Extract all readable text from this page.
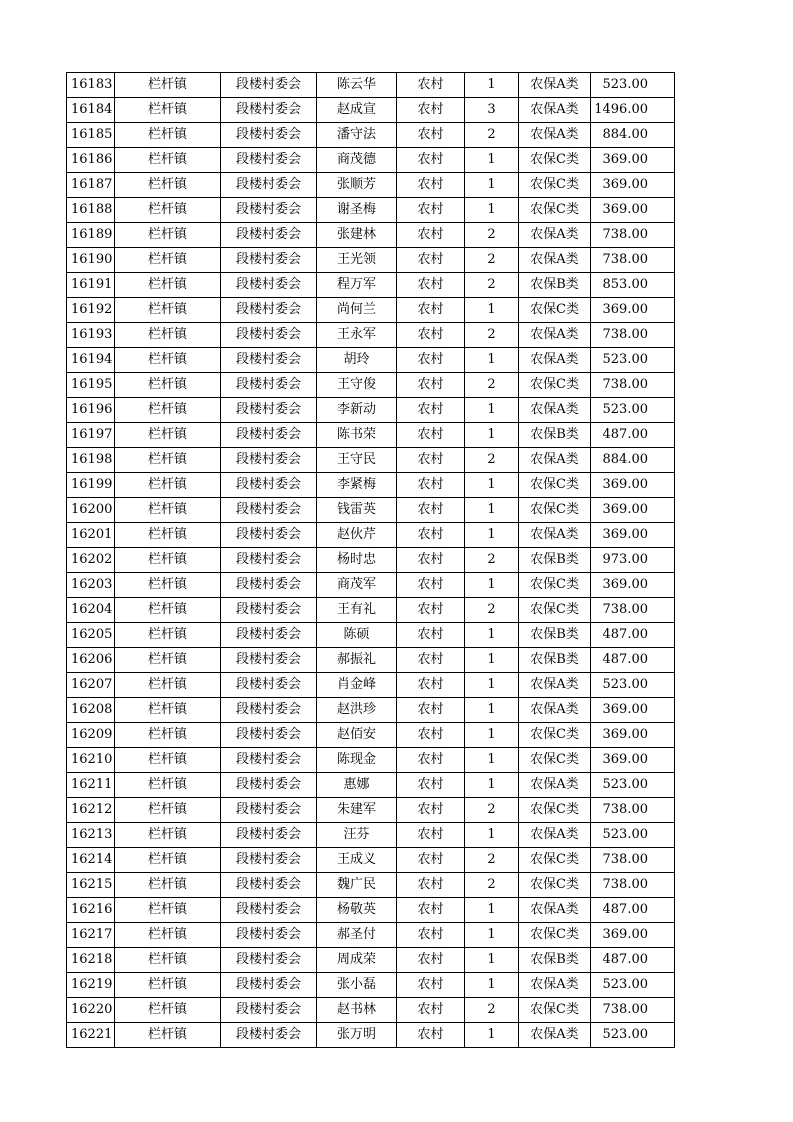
16183	栏杆镇	段楼村委会	陈云华	农村	1	农保A类	523.00
16184	栏杆镇	段楼村委会	赵成宣	农村	3	农保A类	1496.00
16185	栏杆镇	段楼村委会	潘守法	农村	2	农保A类	884.00
16186	栏杆镇	段楼村委会	商茂德	农村	1	农保C类	369.00
16187	栏杆镇	段楼村委会	张顺芳	农村	1	农保C类	369.00
16188	栏杆镇	段楼村委会	谢圣梅	农村	1	农保C类	369.00
16189	栏杆镇	段楼村委会	张建林	农村	2	农保A类	738.00
16190	栏杆镇	段楼村委会	王光领	农村	2	农保A类	738.00
16191	栏杆镇	段楼村委会	程万军	农村	2	农保B类	853.00
16192	栏杆镇	段楼村委会	尚何兰	农村	1	农保C类	369.00
16193	栏杆镇	段楼村委会	王永军	农村	2	农保A类	738.00
16194	栏杆镇	段楼村委会	胡玲	农村	1	农保A类	523.00
16195	栏杆镇	段楼村委会	王守俊	农村	2	农保C类	738.00
16196	栏杆镇	段楼村委会	李新动	农村	1	农保A类	523.00
16197	栏杆镇	段楼村委会	陈书荣	农村	1	农保B类	487.00
16198	栏杆镇	段楼村委会	王守民	农村	2	农保A类	884.00
16199	栏杆镇	段楼村委会	李紧梅	农村	1	农保C类	369.00
16200	栏杆镇	段楼村委会	钱雷英	农村	1	农保C类	369.00
16201	栏杆镇	段楼村委会	赵伙芹	农村	1	农保A类	369.00
16202	栏杆镇	段楼村委会	杨时忠	农村	2	农保B类	973.00
16203	栏杆镇	段楼村委会	商茂军	农村	1	农保C类	369.00
16204	栏杆镇	段楼村委会	王有礼	农村	2	农保C类	738.00
16205	栏杆镇	段楼村委会	陈硕	农村	1	农保B类	487.00
16206	栏杆镇	段楼村委会	郝振礼	农村	1	农保B类	487.00
16207	栏杆镇	段楼村委会	肖金峰	农村	1	农保A类	523.00
16208	栏杆镇	段楼村委会	赵洪珍	农村	1	农保A类	369.00
16209	栏杆镇	段楼村委会	赵佰安	农村	1	农保C类	369.00
16210	栏杆镇	段楼村委会	陈现金	农村	1	农保C类	369.00
16211	栏杆镇	段楼村委会	惠娜	农村	1	农保A类	523.00
16212	栏杆镇	段楼村委会	朱建军	农村	2	农保C类	738.00
16213	栏杆镇	段楼村委会	汪芬	农村	1	农保A类	523.00
16214	栏杆镇	段楼村委会	王成义	农村	2	农保C类	738.00
16215	栏杆镇	段楼村委会	魏广民	农村	2	农保C类	738.00
16216	栏杆镇	段楼村委会	杨敬英	农村	1	农保A类	487.00
16217	栏杆镇	段楼村委会	郝圣付	农村	1	农保C类	369.00
16218	栏杆镇	段楼村委会	周成荣	农村	1	农保B类	487.00
16219	栏杆镇	段楼村委会	张小磊	农村	1	农保A类	523.00
16220	栏杆镇	段楼村委会	赵书林	农村	2	农保C类	738.00
16221	栏杆镇	段楼村委会	张万明	农村	1	农保A类	523.00
